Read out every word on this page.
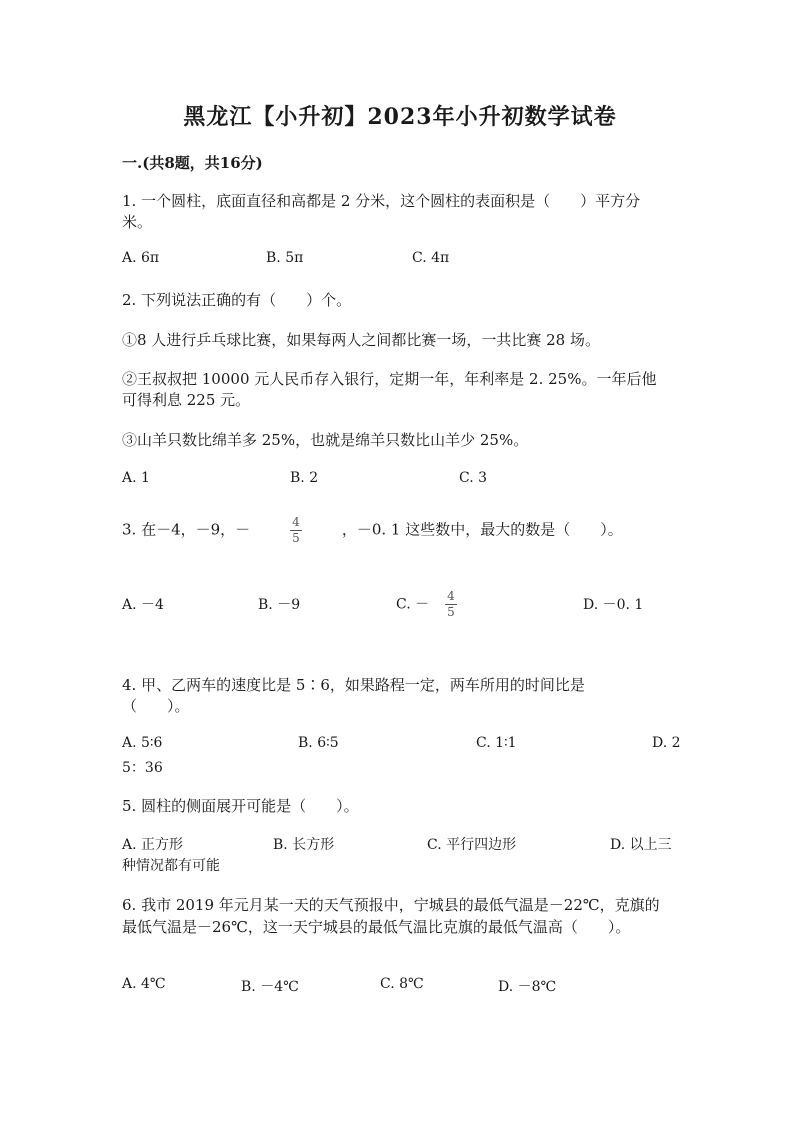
黑龙江【小升初】2023年小升初数学试卷
一.(共8题，共16分)
1. 一个圆柱，底面直径和高都是 2 分米，这个圆柱的表面积是（　　）平方分
米。
A. 6π	B. 5π	C. 4π
2. 下列说法正确的有（　　）个。
①8 人进行乒乓球比赛，如果每两人之间都比赛一场，一共比赛 28 场。
②王叔叔把 10000 元人民币存入银行，定期一年，年利率是 2. 25%。一年后他
可得利息 225 元。
③山羊只数比绵羊多 25%，也就是绵羊只数比山羊少 25%。
A. 1	B. 2	C. 3
3. 在－4，－9，－	$\frac{4}{5}$	，－0. 1 这些数中，最大的数是（　　）。
A. －4	B. －9	C. － $\frac{4}{5}$	D. －0. 1
4. 甲、乙两车的速度比是 5∶6，如果路程一定，两车所用的时间比是
（　　）。
A. 5∶6	B. 6∶5	C. 1∶1	D. 2
5：36
5. 圆柱的侧面展开可能是（　　）。
A. 正方形	B. 长方形	C. 平行四边形	D. 以上三
种情况都有可能
6. 我市 2019 年元月某一天的天气预报中，宁城县的最低气温是－22℃，克旗的
最低气温是－26℃，这一天宁城县的最低气温比克旗的最低气温高（　　）。
A. 4℃	B. －4℃	C. 8℃	D. －8℃
